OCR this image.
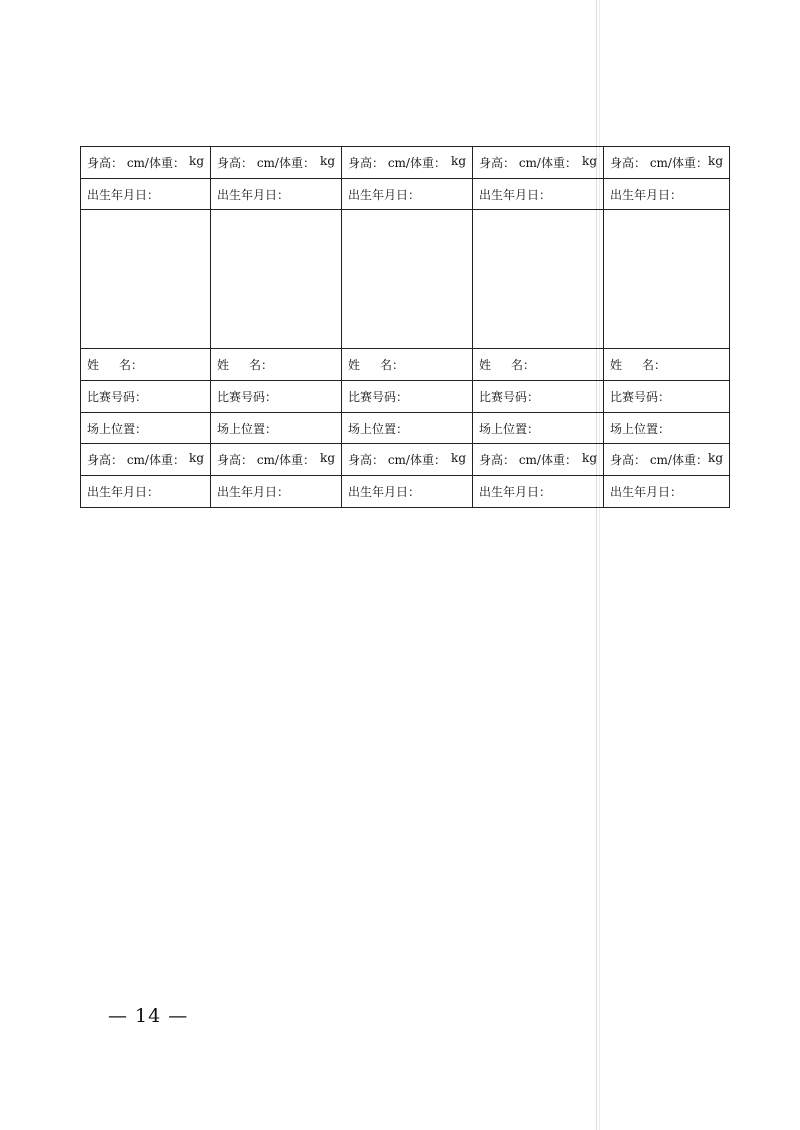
身高： cm/体重： kg	身高： cm/体重： kg	身高： cm/体重： kg	身高： cm/体重： kg	身高： cm/体重： kg

出生年月日：	出生年月日：	出生年月日：	出生年月日：	出生年月日：

姓 名：	姓 名：	姓 名：	姓 名：	姓 名：
比赛号码：	比赛号码：	比赛号码：	比赛号码：	比赛号码：
场上位置：	场上位置：	场上位置：	场上位置：	场上位置：

身高： cm/体重： kg	身高： cm/体重： kg	身高： cm/体重： kg	身高： cm/体重： kg	身高： cm/体重： kg

出生年月日：	出生年月日：	出生年月日：	出生年月日：	出生年月日：
— 14 —
